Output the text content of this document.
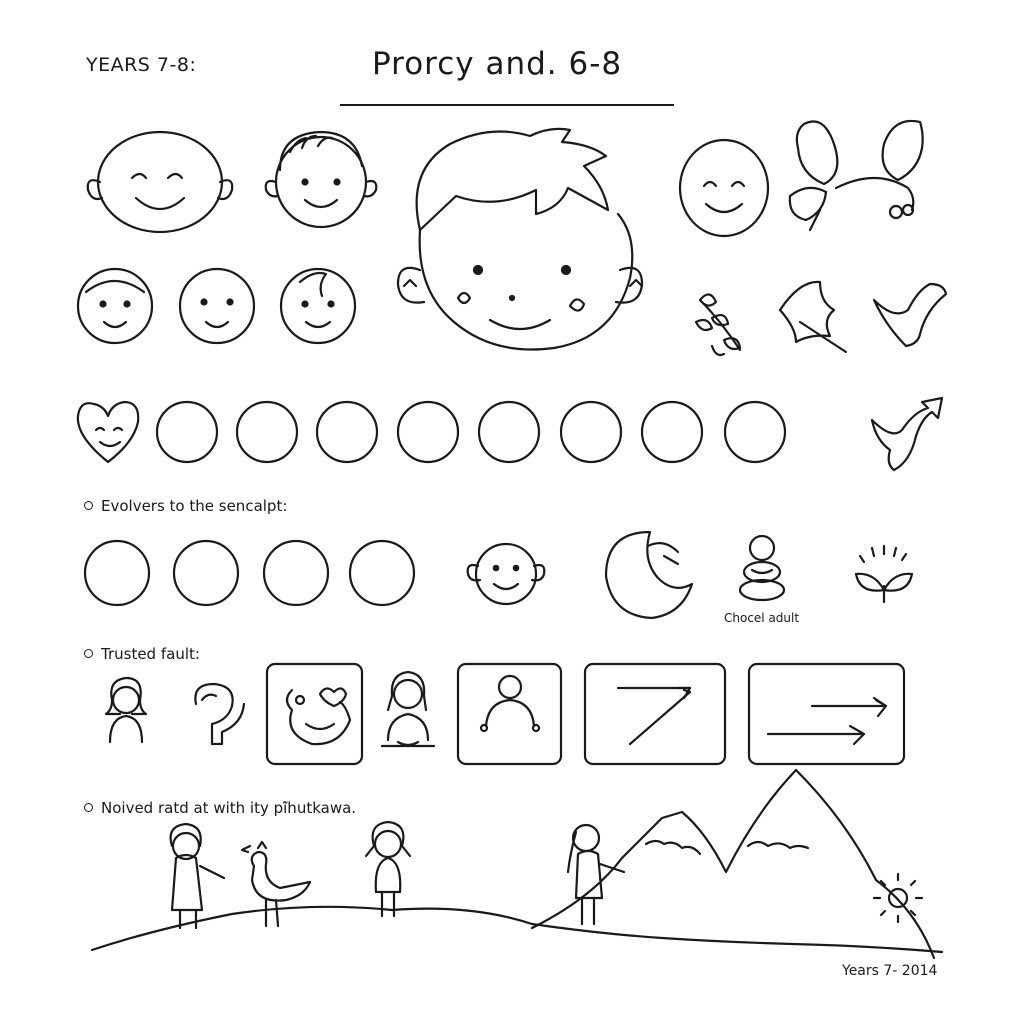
YEARS 7-8:	Prorcy and. 6-8
Evolvers to the sencalpt:
Trusted fault:
Noived ratd at with ity pi̇̃hutkawa.
Chocel adult
Years 7- 2014
